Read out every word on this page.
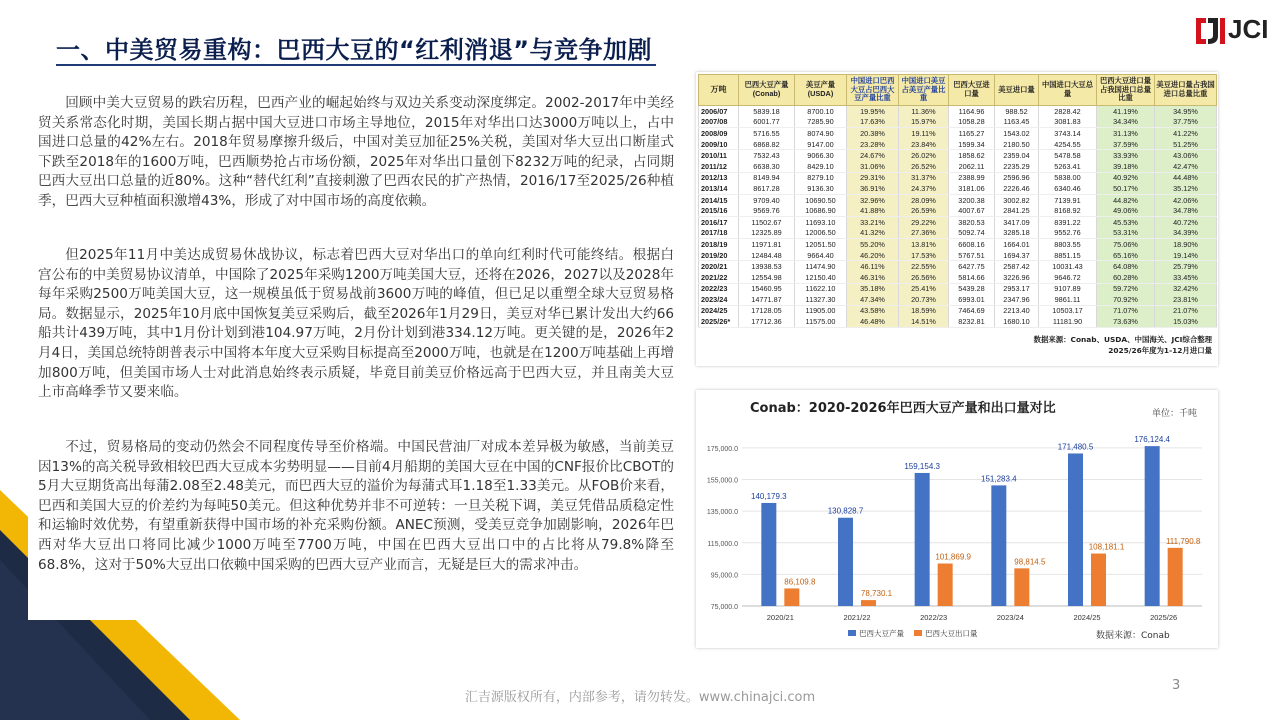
一、中美贸易重构：巴西大豆的“红利消退”与竞争加剧
JCI

回顾中美大豆贸易的跌宕历程，巴西产业的崛起始终与双边关系变动深度绑定。2002-2017年中美经贸关系常态化时期，美国长期占据中国大豆进口市场主导地位，2015年对华出口达3000万吨以上，占中国进口总量的42%左右。2018年贸易摩擦升级后，中国对美豆加征25%关税，美国对华大豆出口断崖式下跌至2018年的1600万吨，巴西顺势抢占市场份额，2025年对华出口量创下8232万吨的纪录，占同期巴西大豆出口总量的近80%。这种“替代红利”直接刺激了巴西农民的扩产热情，2016/17至2025/26种植季，巴西大豆种植面积激增43%，形成了对中国市场的高度依赖。

但2025年11月中美达成贸易休战协议，标志着巴西大豆对华出口的单向红利时代可能终结。根据白宫公布的中美贸易协议清单，中国除了2025年采购1200万吨美国大豆，还将在2026，2027以及2028年每年采购2500万吨美国大豆，这一规模虽低于贸易战前3600万吨的峰值，但已足以重塑全球大豆贸易格局。数据显示，2025年10月底中国恢复美豆采购后，截至2026年1月29日，美豆对华已累计发出大约66船共计439万吨，其中1月份计划到港104.97万吨，2月份计划到港334.12万吨。更关键的是，2026年2月4日，美国总统特朗普表示中国将本年度大豆采购目标提高至2000万吨，也就是在1200万吨基础上再增加800万吨，但美国市场人士对此消息始终表示质疑，毕竟目前美豆价格远高于巴西大豆，并且南美大豆上市高峰季节又要来临。

不过，贸易格局的变动仍然会不同程度传导至价格端。中国民营油厂对成本差异极为敏感，当前美豆因13%的高关税导致相较巴西大豆成本劣势明显——目前4月船期的美国大豆在中国的CNF报价比CBOT的5月大豆期货高出每蒲2.08至2.48美元，而巴西大豆的溢价为每蒲式耳1.18至1.33美元。从FOB价来看，巴西和美国大豆的价差约为每吨50美元。但这种优势并非不可逆转：一旦关税下调，美豆凭借品质稳定性和运输时效优势，有望重新获得中国市场的补充采购份额。ANEC预测，受美豆竞争加剧影响，2026年巴西对华大豆出口将同比减少1000万吨至7700万吨，中国在巴西大豆出口中的占比将从79.8%降至68.8%，这对于50%大豆出口依赖中国采购的巴西大豆产业而言，无疑是巨大的需求冲击。

万吨	巴西大豆产量(Conab)	美豆产量(USDA)	中国进口巴西大豆占巴西大豆产量比重	中国进口美豆占美豆产量比重	巴西大豆进口量	美豆进口量	中国进口大豆总量	巴西大豆进口量占我国进口总量比重	美豆进口量占我国进口总量比重
2006/07	5839.18	8700.10	19.95%	11.36%	1164.96	988.52	2828.42	41.19%	34.95%
2007/08	6001.77	7285.90	17.63%	15.97%	1058.28	1163.45	3081.83	34.34%	37.75%
2008/09	5716.55	8074.90	20.38%	19.11%	1165.27	1543.02	3743.14	31.13%	41.22%
2009/10	6868.82	9147.00	23.28%	23.84%	1599.34	2180.50	4254.55	37.59%	51.25%
2010/11	7532.43	9066.30	24.67%	26.02%	1858.62	2359.04	5478.58	33.93%	43.06%
2011/12	6638.30	8429.10	31.06%	26.52%	2062.11	2235.29	5263.41	39.18%	42.47%
2012/13	8149.94	8279.10	29.31%	31.37%	2388.99	2596.96	5838.00	40.92%	44.48%
2013/14	8617.28	9136.30	36.91%	24.37%	3181.06	2226.46	6340.46	50.17%	35.12%
2014/15	9709.40	10690.50	32.96%	28.09%	3200.38	3002.82	7139.91	44.82%	42.06%
2015/16	9569.76	10686.90	41.88%	26.59%	4007.67	2841.25	8168.92	49.06%	34.78%
2016/17	11502.67	11693.10	33.21%	29.22%	3820.53	3417.09	8391.22	45.53%	40.72%
2017/18	12325.89	12006.50	41.32%	27.36%	5092.74	3285.18	9552.76	53.31%	34.39%
2018/19	11971.81	12051.50	55.20%	13.81%	6608.16	1664.01	8803.55	75.06%	18.90%
2019/20	12484.48	9664.40	46.20%	17.53%	5767.51	1694.37	8851.15	65.16%	19.14%
2020/21	13938.53	11474.90	46.11%	22.55%	6427.75	2587.42	10031.43	64.08%	25.79%
2021/22	12554.98	12150.40	46.31%	26.56%	5814.66	3226.96	9646.72	60.28%	33.45%
2022/23	15460.95	11622.10	35.18%	25.41%	5439.28	2953.17	9107.89	59.72%	32.42%
2023/24	14771.87	11327.30	47.34%	20.73%	6993.01	2347.96	9861.11	70.92%	23.81%
2024/25	17128.05	11905.00	43.58%	18.59%	7464.69	2213.40	10503.17	71.07%	21.07%
2025/26*	17712.36	11575.00	46.48%	14.51%	8232.81	1680.10	11181.90	73.63%	15.03%
数据来源：Conab、USDA、中国海关、JCI综合整理
2025/26年度为1-12月进口量
Conab：2020-2026年巴西大豆产量和出口量对比	单位：千吨
75,000.0
95,000.0
115,000.0
135,000.0
155,000.0
175,000.0
2020/21
140,179.3
86,109.8
2021/22
130,828.7
78,730.1
2022/23
159,154.3
101,869.9
2023/24
151,283.4
98,814.5
2024/25
171,480.5
108,181.1
2025/26
176,124.4
111,790.8
巴西大豆产量	巴西大豆出口量	数据来源：Conab
汇吉源版权所有，内部参考，请勿转发。www.chinajci.com
3
